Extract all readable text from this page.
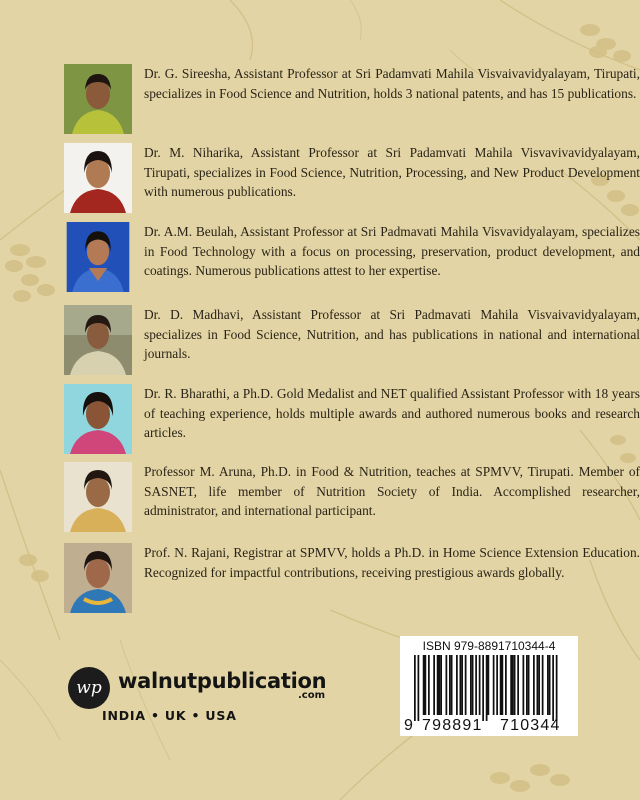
Dr. G. Sireesha, Assistant Professor at Sri Padamvati Mahila Visvaivavidyalayam, Tirupati, specializes in Food Science and Nutrition, holds 3 national patents, and has 15 publications.

Dr. M. Niharika, Assistant Professor at Sri Padamvati Mahila Visvavivavidyalayam, Tirupati, specializes in Food Science, Nutrition, Processing, and New Product Development with numerous publications.

Dr. A.M. Beulah, Assistant Professor at Sri Padmavati Mahila Visvavidyalayam, specializes in Food Technology with a focus on processing, preservation, product development, and coatings. Numerous publications attest to her expertise.

Dr. D. Madhavi, Assistant Professor at Sri Padmavati Mahila Visvaivavidyalayam, specializes in Food Science, Nutrition, and has publications in national and international journals.

Dr. R. Bharathi, a Ph.D. Gold Medalist and NET qualified Assistant Professor with 18 years of teaching experience, holds multiple awards and authored numerous books and research articles.

Professor M. Aruna, Ph.D. in Food & Nutrition, teaches at SPMVV, Tirupati. Member of SASNET, life member of Nutrition Society of India. Accomplished researcher, administrator, and international participant.

Prof. N. Rajani, Registrar at SPMVV, holds a Ph.D. in Home Science Extension Education. Recognized for impactful contributions, receiving prestigious awards globally.

wp walnutpublication
.com
INDIA • UK • USA
ISBN 979-8891710344-4
9 798891 710344
